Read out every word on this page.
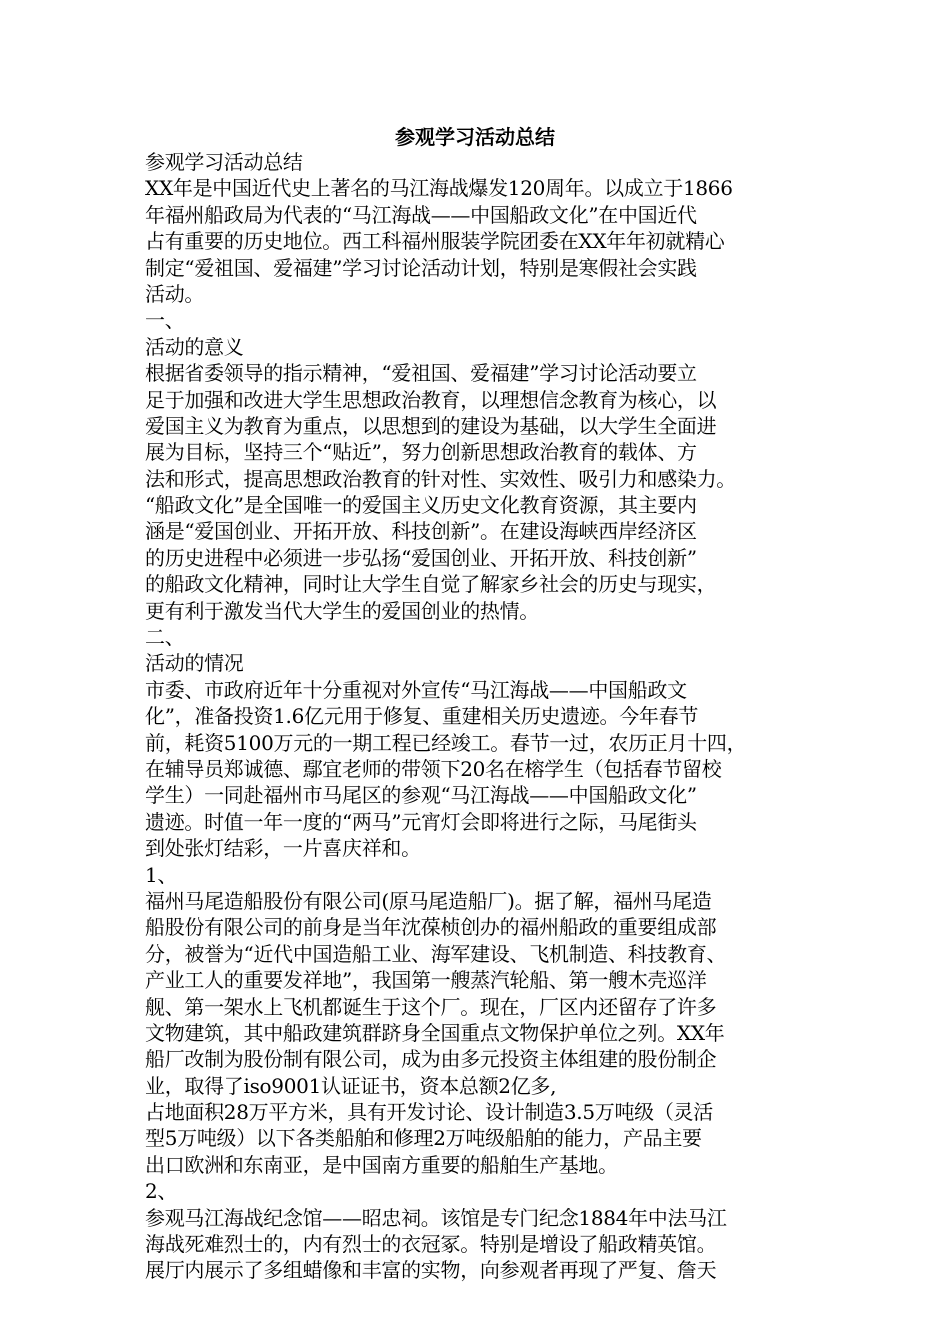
参观学习活动总结
参观学习活动总结
XX年是中国近代史上著名的马江海战爆发120周年。以成立于1866
年福州船政局为代表的“马江海战——中国船政文化”在中国近代
占有重要的历史地位。西工科福州服装学院团委在XX年年初就精心
制定“爱祖国、爱福建”学习讨论活动计划，特别是寒假社会实践
活动。
一、
活动的意义
根据省委领导的指示精神，“爱祖国、爱福建”学习讨论活动要立
足于加强和改进大学生思想政治教育，以理想信念教育为核心，以
爱国主义为教育为重点，以思想到的建设为基础，以大学生全面进
展为目标，坚持三个“贴近”，努力创新思想政治教育的载体、方
法和形式，提高思想政治教育的针对性、实效性、吸引力和感染力。
“船政文化”是全国唯一的爱国主义历史文化教育资源，其主要内
涵是“爱国创业、开拓开放、科技创新”。在建设海峡西岸经济区
的历史进程中必须进一步弘扬“爱国创业、开拓开放、科技创新”
的船政文化精神，同时让大学生自觉了解家乡社会的历史与现实，
更有利于激发当代大学生的爱国创业的热情。
二、
活动的情况
市委、市政府近年十分重视对外宣传“马江海战——中国船政文
化”，准备投资1.6亿元用于修复、重建相关历史遗迹。今年春节
前，耗资5100万元的一期工程已经竣工。春节一过，农历正月十四，
在辅导员郑诚德、鄢宜老师的带领下20名在榕学生（包括春节留校
学生）一同赴福州市马尾区的参观“马江海战——中国船政文化”
遗迹。时值一年一度的“两马”元宵灯会即将进行之际，马尾街头
到处张灯结彩，一片喜庆祥和。
1、
福州马尾造船股份有限公司(原马尾造船厂)。据了解，福州马尾造
船股份有限公司的前身是当年沈葆桢创办的福州船政的重要组成部
分，被誉为“近代中国造船工业、海军建设、飞机制造、科技教育、
产业工人的重要发祥地”，我国第一艘蒸汽轮船、第一艘木壳巡洋
舰、第一架水上飞机都诞生于这个厂。现在，厂区内还留存了许多
文物建筑，其中船政建筑群跻身全国重点文物保护单位之列。XX年
船厂改制为股份制有限公司，成为由多元投资主体组建的股份制企
业，取得了iso9001认证证书，资本总额2亿多,
占地面积28万平方米，具有开发讨论、设计制造3.5万吨级（灵活
型5万吨级）以下各类船舶和修理2万吨级船舶的能力，产品主要
出口欧洲和东南亚，是中国南方重要的船舶生产基地。
2、
参观马江海战纪念馆——昭忠祠。该馆是专门纪念1884年中法马江
海战死难烈士的，内有烈士的衣冠冢。特别是增设了船政精英馆。
展厅内展示了多组蜡像和丰富的实物，向参观者再现了严复、詹天
